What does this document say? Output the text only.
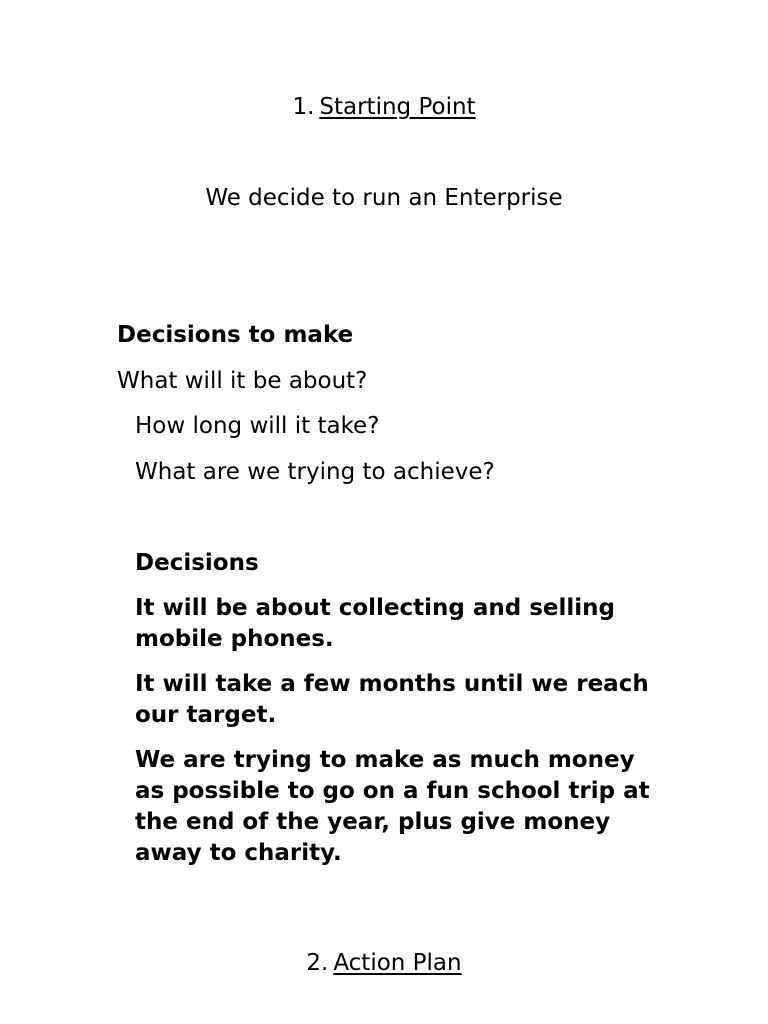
1. Starting Point
We decide to run an Enterprise
Decisions to make
What will it be about?
How long will it take?
What are we trying to achieve?
Decisions
It will be about collecting and selling mobile phones.
It will take a few months until we reach our target.
We are trying to make as much money as possible to go on a fun school trip at the end of the year, plus give money away to charity.
2. Action Plan
